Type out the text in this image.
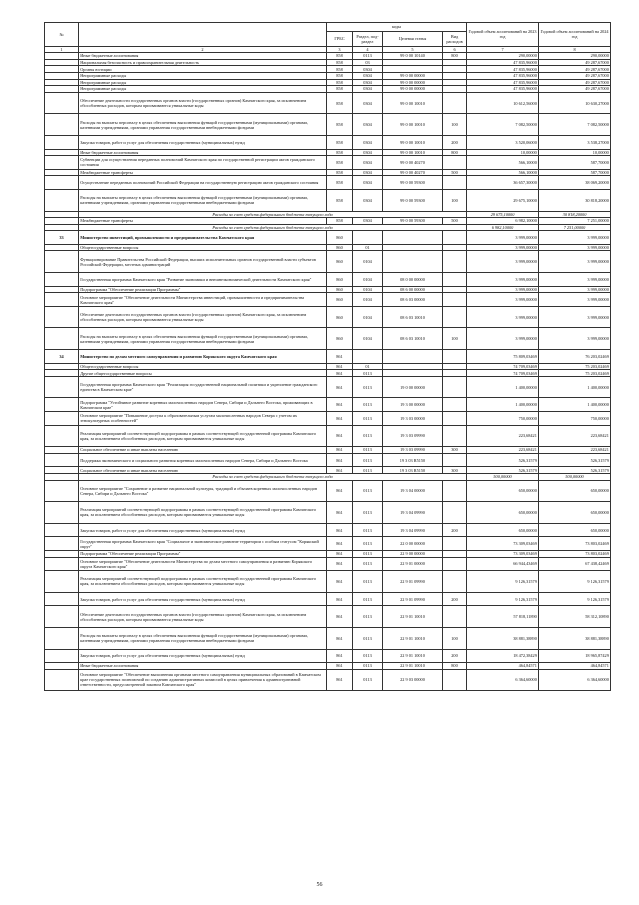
№		коды				Годовой объем ассигнований на 2023 год	Годовой объем ассигнований на 2024 год
		ГРБС	Раздел, под-раздел	Целевая статья	Вид расходов		
1	2	3	4	5	6	7	8
	Иные бюджетные ассигнования	858	0113	99 0 00 10140	800	290,00000	290,00000
	Национальная безопасность и правоохранительная деятельность	858	03			47 835,96000	49 287,67000
	Органы юстиции	858	0304			47 835,96000	49 287,67000
	Непрограммные расходы	858	0304	99 0 00 00000		47 835,96000	49 287,67000
	Непрограммные расходы	858	0304	99 0 00 00000		47 835,96000	49 287,67000
	Непрограммные расходы	858	0304	99 0 00 00000		47 835,96000	49 287,67000
	Обеспечение деятельности государственных органов власти (государственных органов) Камчатского края, за исключением обособленных расходов, которым присваиваются уникальные коды	858	0304	99 0 00 10010		10 612,56000	10 630,27000
	Расходы на выплаты персоналу в целях обеспечения выполнения функций государственными (муниципальными) органами, казенными учреждениями, органами управления государственными внебюджетными фондами	858	0304	99 0 00 10010	100	7 082,50000	7 082,50000
	Закупка товаров, работ и услуг для обеспечения государственных (муниципальных) нужд	858	0304	99 0 00 10010	200	3 520,06000	3 538,27000
	Иные бюджетные ассигнования	858	0304	99 0 00 10010	800	10,00000	10,00000
	Субвенции для осуществления переданных полномочий Камчатского края по государственной регистрации актов гражданского состояния	858	0304	99 0 00 40270		566,10000	587,70000
	Межбюджетные трансферты	858	0304	99 0 00 40270	500	566,10000	587,70000
	Осуществление переданных полномочий Российской Федерации на государственную регистрацию актов гражданского состояния	858	0304	99 0 00 59300		36 657,30000	38 069,20000
	Расходы на выплаты персоналу в целях обеспечения выполнения функций государственными (муниципальными) органами, казенными учреждениями, органами управления государственными внебюджетными фондами	858	0304	99 0 00 59300	100	29 675,10000	30 818,20000
	Расходы за счет средств федерального бюджета текущего года					29 675,10000	30 818,20000
	Межбюджетные трансферты	858	0304	99 0 00 59300	500	6 982,10000	7 251,00000
	Расходы за счет средств федерального бюджета текущего года					6 982,10000	7 251,00000
33	Министерство инвестиций, промышленности и предпринимательства Камчатского края	860				3 999,00000	3 999,00000
	Общегосударственные вопросы	860	01			3 999,00000	3 999,00000
	Функционирование Правительства Российской Федерации, высших исполнительных органов государственной власти субъектов Российской Федерации, местных администраций	860	0104			3 999,00000	3 999,00000
	Государственная программа Камчатского края "Развитие экономики и внешнеэкономической деятельности Камчатского края"	860	0104	08 0 00 00000		3 999,00000	3 999,00000
	Подпрограмма "Обеспечение реализации Программы"	860	0104	08 6 00 00000		3 999,00000	3 999,00000
	Основное мероприятие "Обеспечение деятельности Министерства инвестиций, промышленности и предпринимательства Камчатского края"	860	0104	08 6 03 00000		3 999,00000	3 999,00000
	Обеспечение деятельности государственных органов власти (государственных органов) Камчатского края, за исключением обособленных расходов, которым присваиваются уникальные коды	860	0104	08 6 03 10010		3 999,00000	3 999,00000
	Расходы на выплаты персоналу в целях обеспечения выполнения функций государственными (муниципальными) органами, казенными учреждениями, органами управления государственными внебюджетными фондами	860	0104	08 6 03 10010	100	3 999,00000	3 999,00000
34	Министерство по делам местного самоуправления и развитию Корякского округа Камчатского края	861				75 809,03469	76 203,02469
	Общегосударственные вопросы	861	01			74 709,03469	75 203,02469
	Другие общегосударственные вопросы	861	0113			74 709,03469	75 203,02469
	Государственная программа Камчатского края "Реализация государственной национальной политики и укрепление гражданского единства в Камчатском крае"	861	0113	19 0 00 00000		1 400,00000	1 400,00000
	Подпрограмма "Устойчивое развитие коренных малочисленных народов Севера, Сибири и Дальнего Востока, проживающих в Камчатском крае"	861	0113	19 3 00 00000		1 400,00000	1 400,00000
	Основное мероприятие "Повышение доступа к образовательным услугам малочисленных народов Севера с учетом их этнокультурных особенностей"	861	0113	19 3 03 00000		750,00000	750,00000
	Реализация мероприятий соответствующей подпрограммы в рамках соответствующей государственной программы Камчатского края, за исключением обособленных расходов, которым присваиваются уникальные коды	861	0113	19 3 03 09990		223,68421	223,68421
	Социальное обеспечение и иные выплаты населению	861	0113	19 3 03 09990	300	223,68421	223,68421
	Поддержка экономического и социального развития коренных малочисленных народов Севера, Сибири и Дальнего Востока	861	0113	19 3 03 R5150		526,31579	526,31579
	Социальное обеспечение и иные выплаты населению	861	0113	19 3 03 R5150	300	526,31579	526,31579
	Расходы за счет средств федерального бюджета текущего года					500,00000	500,00000
	Основное мероприятие "Сохранение и развитие национальной культуры, традиций и обычаев коренных малочисленных народов Севера, Сибири и Дальнего Востока"	861	0113	19 3 04 00000		650,00000	650,00000
	Реализация мероприятий соответствующей подпрограммы в рамках соответствующей государственной программы Камчатского края, за исключением обособленных расходов, которым присваиваются уникальные коды	861	0113	19 3 04 09990		650,00000	650,00000
	Закупка товаров, работ и услуг для обеспечения государственных (муниципальных) нужд	861	0113	19 3 04 09990	200	650,00000	650,00000
	Государственная программа Камчатского края "Социальное и экономическое развитие территории с особым статусом "Корякский округ"	861	0113	22 0 00 00000		73 309,03469	73 803,02469
	Подпрограмма "Обеспечение реализации Программы"	861	0113	22 9 00 00000		73 309,03469	73 803,02469
	Основное мероприятие "Обеспечение деятельности Министерства по делам местного самоуправления и развитию Корякского округа Камчатского края"	861	0113	22 9 01 00000		66 944,43469	67 438,42469
	Реализация мероприятий соответствующей подпрограммы в рамках соответствующей государственной программы Камчатского края, за исключением обособленных расходов, которым присваиваются уникальные коды	861	0113	22 9 01 09990		9 126,31579	9 126,31579
	Закупка товаров, работ и услуг для обеспечения государственных (муниципальных) нужд	861	0113	22 9 01 09990	200	9 126,31579	9 126,31579
	Обеспечение деятельности государственных органов власти (государственных органов) Камчатского края, за исключением обособленных расходов, которым присваиваются уникальные коды	861	0113	22 9 01 10010		57 818,11890	58 312,10890
	Расходы на выплаты персоналу в целях обеспечения выполнения функций государственными (муниципальными) органами, казенными учреждениями, органами управления государственными внебюджетными фондами	861	0113	22 9 01 10010	100	38 881,38890	38 881,38890
	Закупка товаров, работ и услуг для обеспечения государственных (муниципальных) нужд	861	0113	22 9 01 10010	200	18 472,38429	18 965,87429
	Иные бюджетные ассигнования	861	0113	22 9 01 10010	800	464,84571	464,84571
	Основное мероприятие "Обеспечение выполнения органами местного самоуправления муниципальных образований в Камчатском крае государственных полномочий по созданию административных комиссий в целях привлечения к административной ответственности, предусмотренной законом Камчатского края"	861	0113	22 9 03 00000		6 364,60000	6 364,60000
56
